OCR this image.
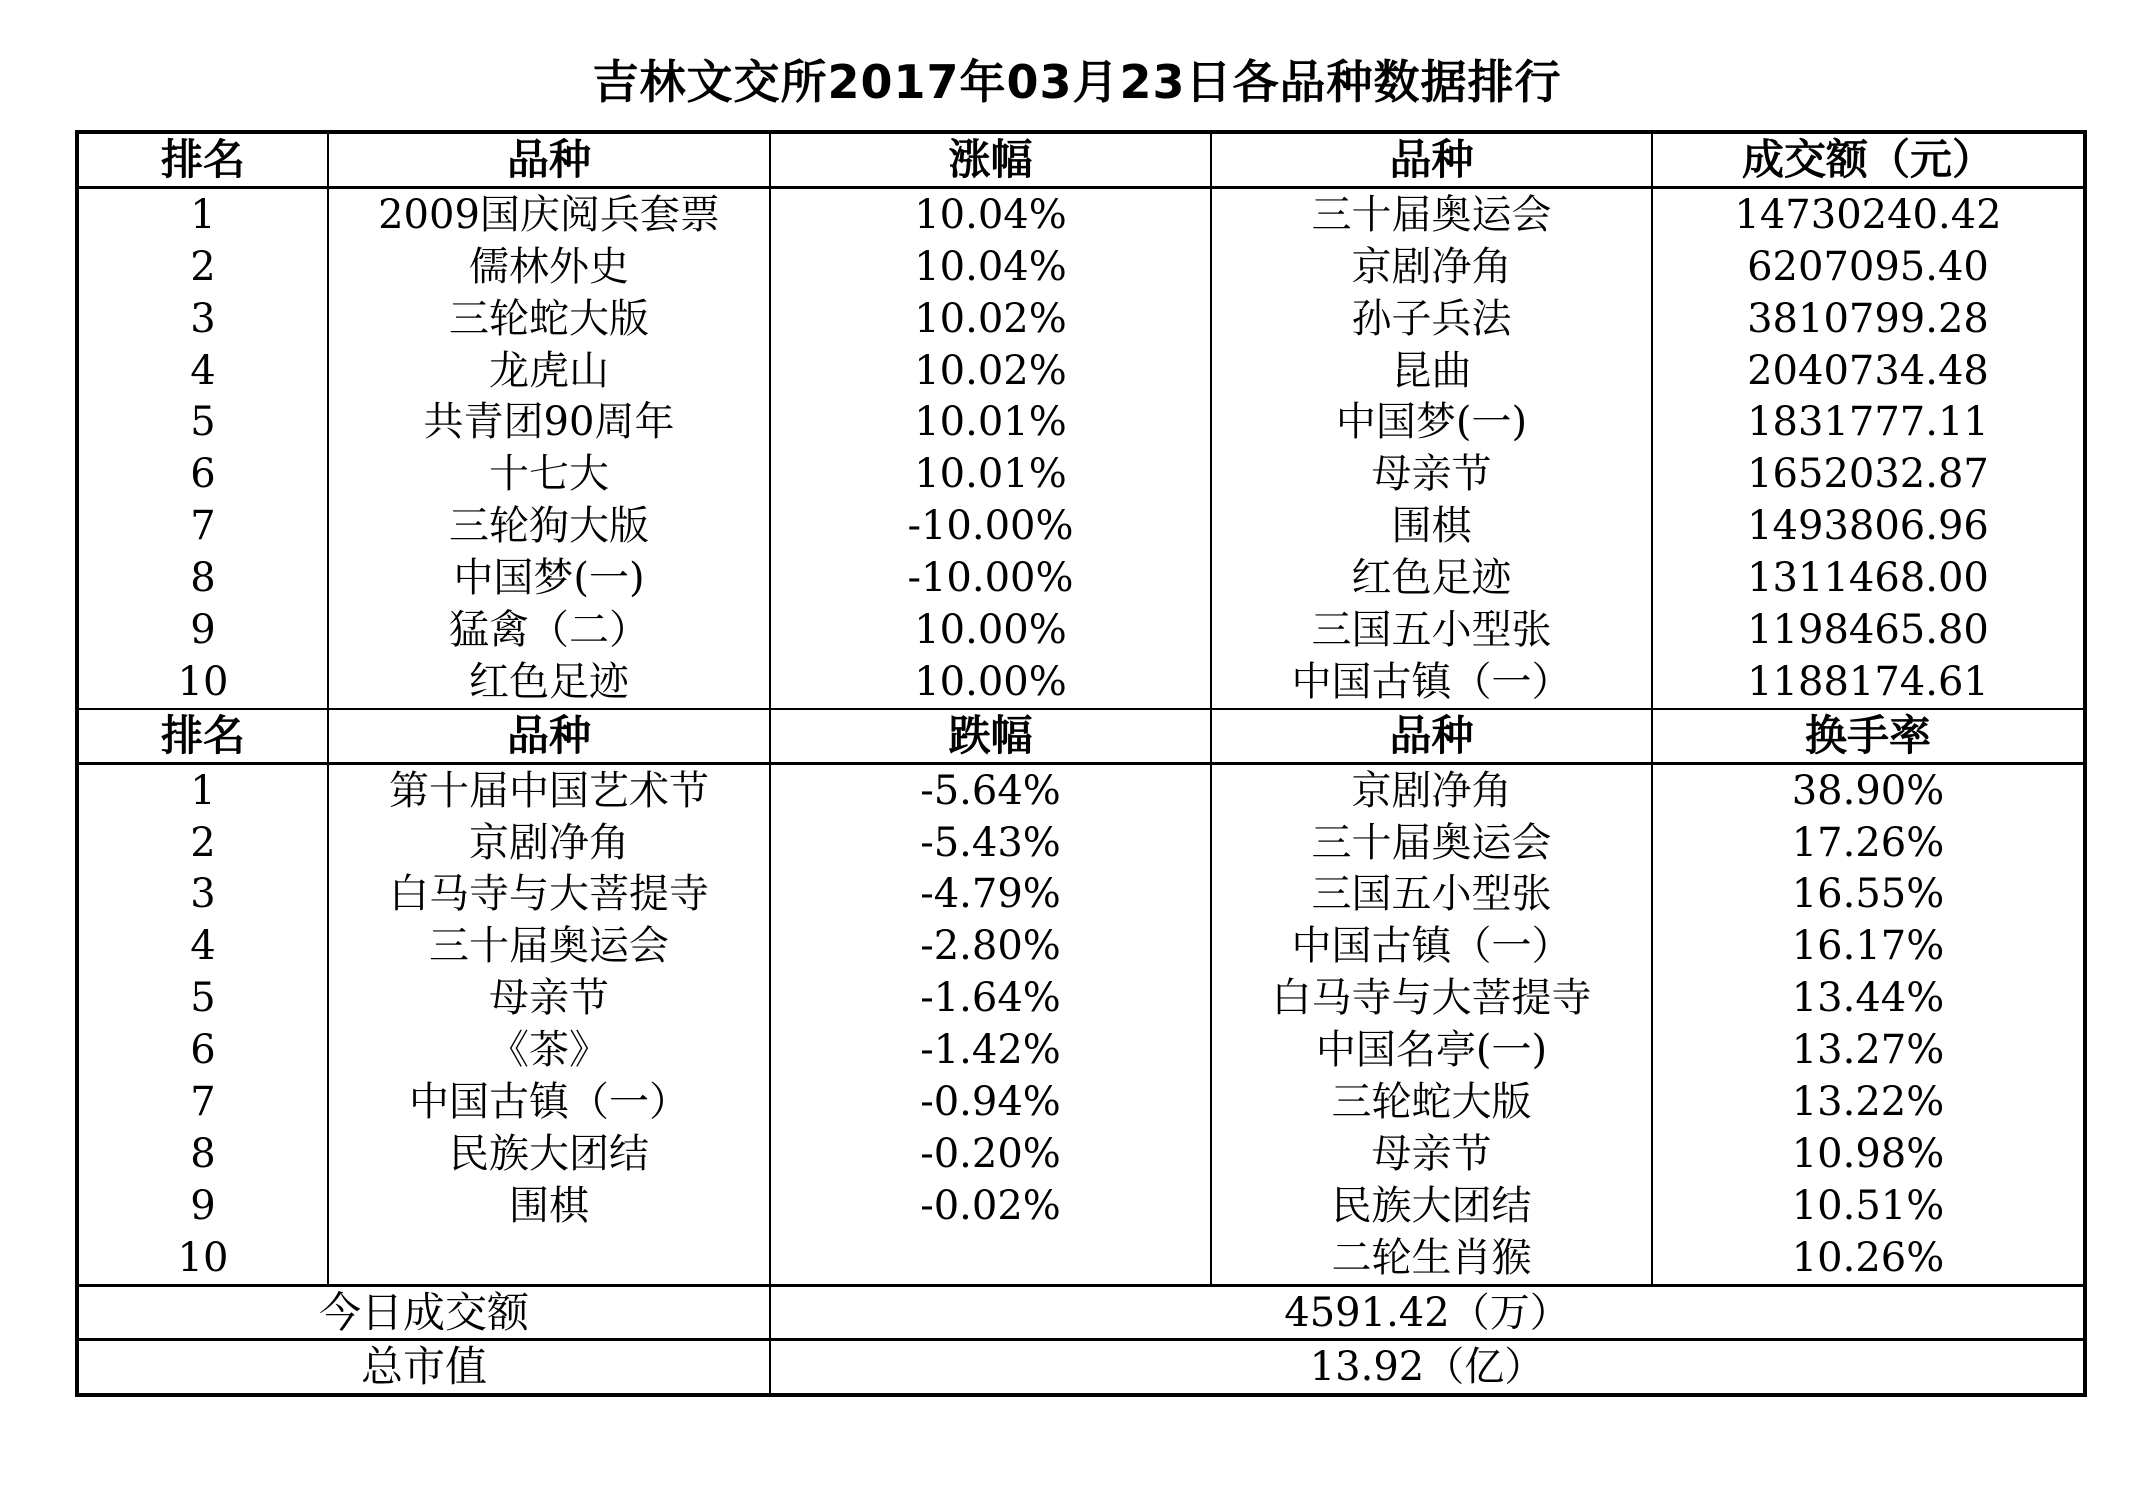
吉林文交所2017年03月23日各品种数据排行
排名	品种	涨幅	品种	成交额（元）
1	2009国庆阅兵套票	10.04%	三十届奥运会	14730240.42
2	儒林外史	10.04%	京剧净角	6207095.40
3	三轮蛇大版	10.02%	孙子兵法	3810799.28
4	龙虎山	10.02%	昆曲	2040734.48
5	共青团90周年	10.01%	中国梦(一)	1831777.11
6	十七大	10.01%	母亲节	1652032.87
7	三轮狗大版	-10.00%	围棋	1493806.96
8	中国梦(一)	-10.00%	红色足迹	1311468.00
9	猛禽（二）	10.00%	三国五小型张	1198465.80
10	红色足迹	10.00%	中国古镇（一）	1188174.61
排名	品种	跌幅	品种	换手率
1	第十届中国艺术节	-5.64%	京剧净角	38.90%
2	京剧净角	-5.43%	三十届奥运会	17.26%
3	白马寺与大菩提寺	-4.79%	三国五小型张	16.55%
4	三十届奥运会	-2.80%	中国古镇（一）	16.17%
5	母亲节	-1.64%	白马寺与大菩提寺	13.44%
6	《茶》	-1.42%	中国名亭(一)	13.27%
7	中国古镇（一）	-0.94%	三轮蛇大版	13.22%
8	民族大团结	-0.20%	母亲节	10.98%
9	围棋	-0.02%	民族大团结	10.51%
10			二轮生肖猴	10.26%
今日成交额		4591.42（万）		
总市值		13.92（亿）		
